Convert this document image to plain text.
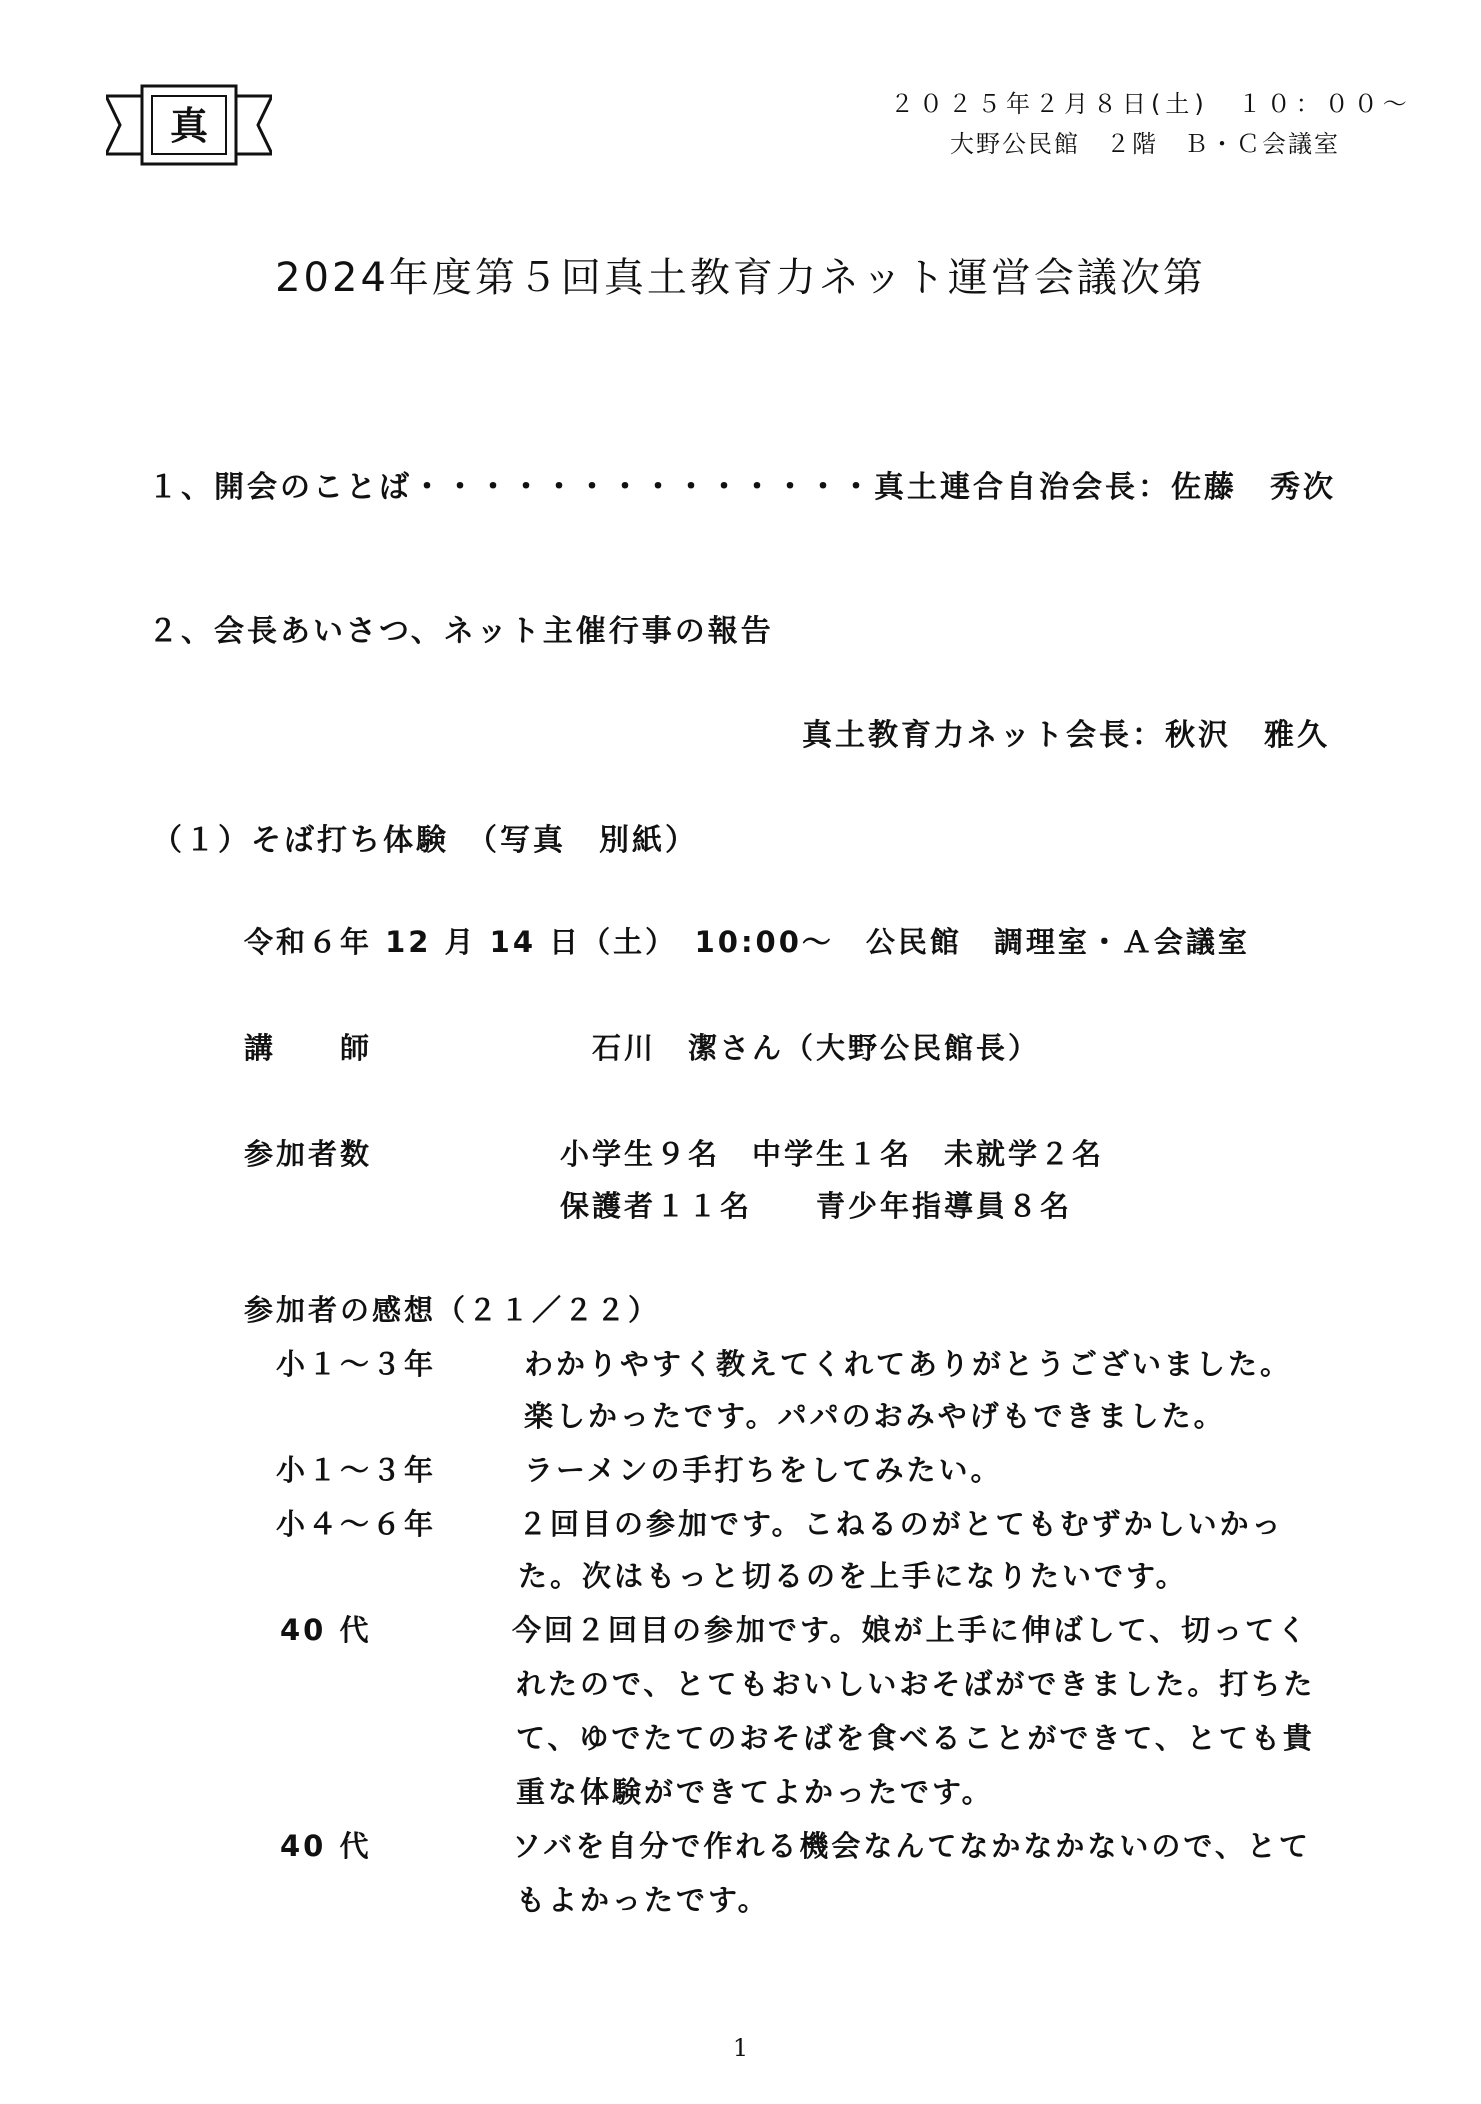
真	２０２５年２月８日(土)　１０：００～
大野公民館　２階　Ｂ・Ｃ会議室
2024年度第５回真土教育力ネット運営会議次第
１、開会のことば・・・・・・・・・・・・・・ 真土連合自治会長：佐藤　秀次
２、会長あいさつ、ネット主催行事の報告
真土教育力ネット会長：秋沢　雅久
（１）そば打ち体験　（写真　別紙）
令和６年 12 月 14 日（土）　10:00～　公民館　調理室・Ａ会議室
講　　師	石川　潔さん（大野公民館長）
参加者数	小学生９名　中学生１名　未就学２名
保護者１１名　　青少年指導員８名
参加者の感想（２１／２２）
小１～３年	わかりやすく教えてくれてありがとうございました。
楽しかったです。パパのおみやげもできました。
小１～３年	ラーメンの手打ちをしてみたい。
小４～６年	２回目の参加です。こねるのがとてもむずかしいかっ
た。次はもっと切るのを上手になりたいです。
40 代	今回２回目の参加です。娘が上手に伸ばして、切ってく
れたので、とてもおいしいおそばができました。打ちた
て、ゆでたてのおそばを食べることができて、とても貴
重な体験ができてよかったです。
40 代	ソバを自分で作れる機会なんてなかなかないので、とて
もよかったです。
1
